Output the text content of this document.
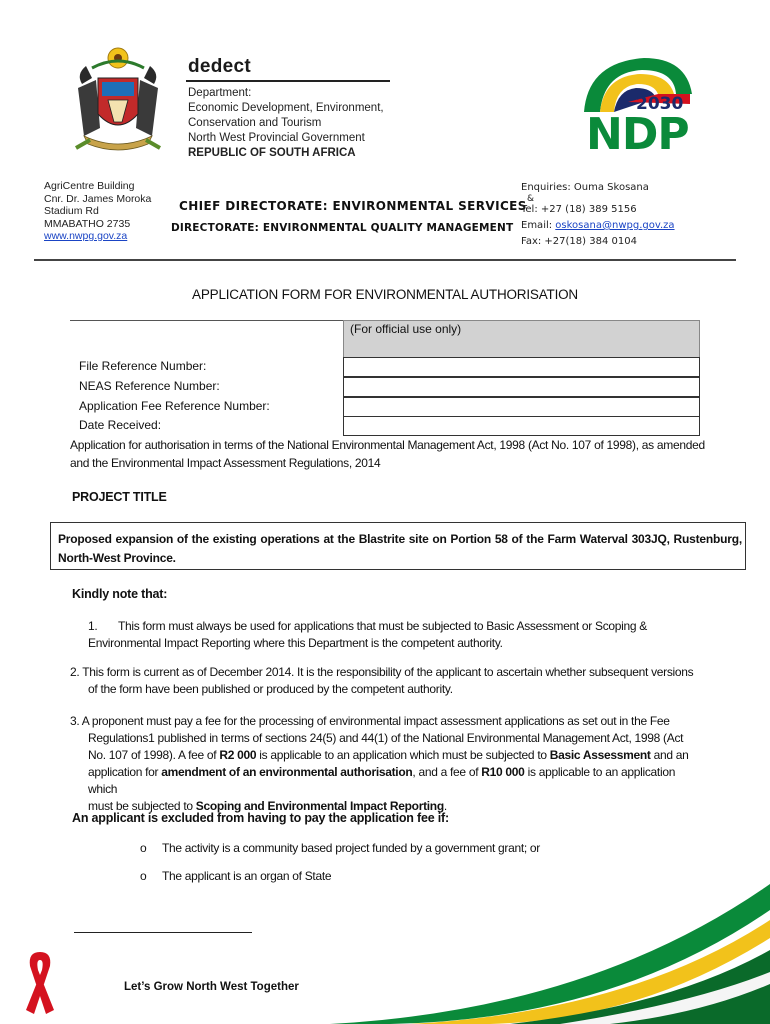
dedect
Department:
Economic Development, Environment,
Conservation and Tourism
North West Provincial Government
REPUBLIC OF SOUTH AFRICA
2030
NDP
AgriCentre Building
Cnr. Dr. James Moroka
Stadium Rd
MMABATHO 2735
www.nwpg.gov.za
CHIEF DIRECTORATE: ENVIRONMENTAL SERVICES
DIRECTORATE: ENVIRONMENTAL QUALITY MANAGEMENT
Enquiries: Ouma Skosana
&
Tel: +27 (18) 389 5156
Email: oskosana@nwpg.gov.za
Fax: +27(18) 384 0104
APPLICATION FORM FOR ENVIRONMENTAL AUTHORISATION
(For official use only)
File Reference Number:
NEAS Reference Number:
Application Fee Reference Number:
Date Received:
Application for authorisation in terms of the National Environmental Management Act, 1998 (Act No. 107 of 1998), as amended
and the Environmental Impact Assessment Regulations, 2014
PROJECT TITLE
Proposed expansion of the existing operations at the Blastrite site on Portion 58 of the Farm Waterval 303JQ, Rustenburg, North-West Province.
Kindly note that:
1. This form must always be used for applications that must be subjected to Basic Assessment or Scoping &
Environmental Impact Reporting where this Department is the competent authority.
2. This form is current as of December 2014. It is the responsibility of the applicant to ascertain whether subsequent versions
of the form have been published or produced by the competent authority.
3. A proponent must pay a fee for the processing of environmental impact assessment applications as set out in the Fee
Regulations1 published in terms of sections 24(5) and 44(1) of the National Environmental Management Act, 1998 (Act
No. 107 of 1998). A fee of R2 000 is applicable to an application which must be subjected to Basic Assessment and an
application for amendment of an environmental authorisation, and a fee of R10 000 is applicable to an application which
must be subjected to Scoping and Environmental Impact Reporting.
An applicant is excluded from having to pay the application fee if:
o The activity is a community based project funded by a government grant; or
o The applicant is an organ of State
Let’s Grow North West Together
